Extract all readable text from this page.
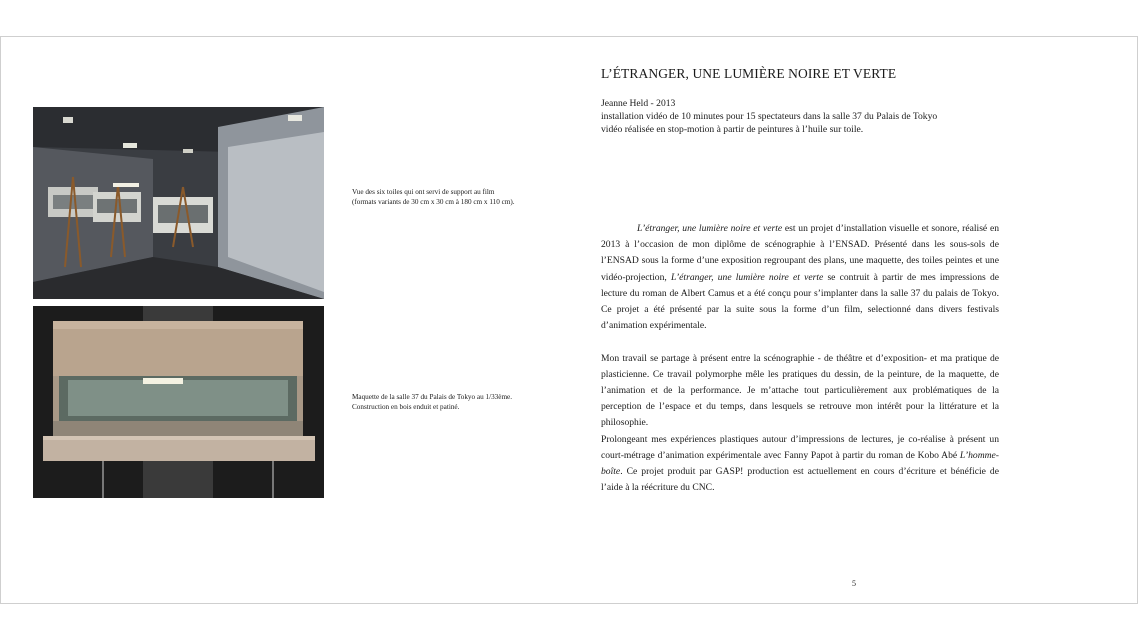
Vue des six toiles qui ont servi de support au film
(formats variants de 30 cm x 30 cm à 180 cm x 110 cm).
Maquette de la salle 37 du Palais de Tokyo au 1/33ème.
Construction en bois enduit et patiné.
L’ÉTRANGER, UNE LUMIÈRE NOIRE ET VERTE
Jeanne Held - 2013
installation vidéo de 10 minutes pour 15 spectateurs dans la salle 37 du Palais de Tokyo
vidéo réalisée en stop-motion à partir de peintures à l’huile sur toile.

L’étranger, une lumière noire et verte est un projet d’installation visuelle et sonore, réalisé en 2013 à l’occasion de mon diplôme de scénographie à l’ENSAD. Présenté dans les sous-sols de l’ENSAD sous la forme d’une exposition regroupant des plans, une maquette, des toiles peintes et une vidéo-projection, L’étranger, une lumière noire et verte se contruit à partir de mes impressions de lecture du roman de Albert Camus et a été conçu pour s’implanter dans la salle 37 du palais de Tokyo. Ce projet a été présenté par la suite sous la forme d’un film, selectionné dans divers festivals d’animation expérimentale.

Mon travail se partage à présent entre la scénographie - de théâtre et d’exposition- et ma pratique de plasticienne. Ce travail polymorphe mêle les pratiques du dessin, de la peinture, de la maquette, de l’animation et de la performance. Je m’attache tout particulièrement aux problématiques de la perception de l’espace et du temps, dans lesquels se retrouve mon intérêt pour la littérature et la philosophie.

Prolongeant mes expériences plastiques autour d’impressions de lectures, je co-réalise à présent un court-métrage d’animation expérimentale avec Fanny Papot à partir du roman de Kobo Abé L’homme-boîte. Ce projet produit par GASP! production est actuellement en cours d’écriture et bénéficie de l’aide à la réécriture du CNC.

5
